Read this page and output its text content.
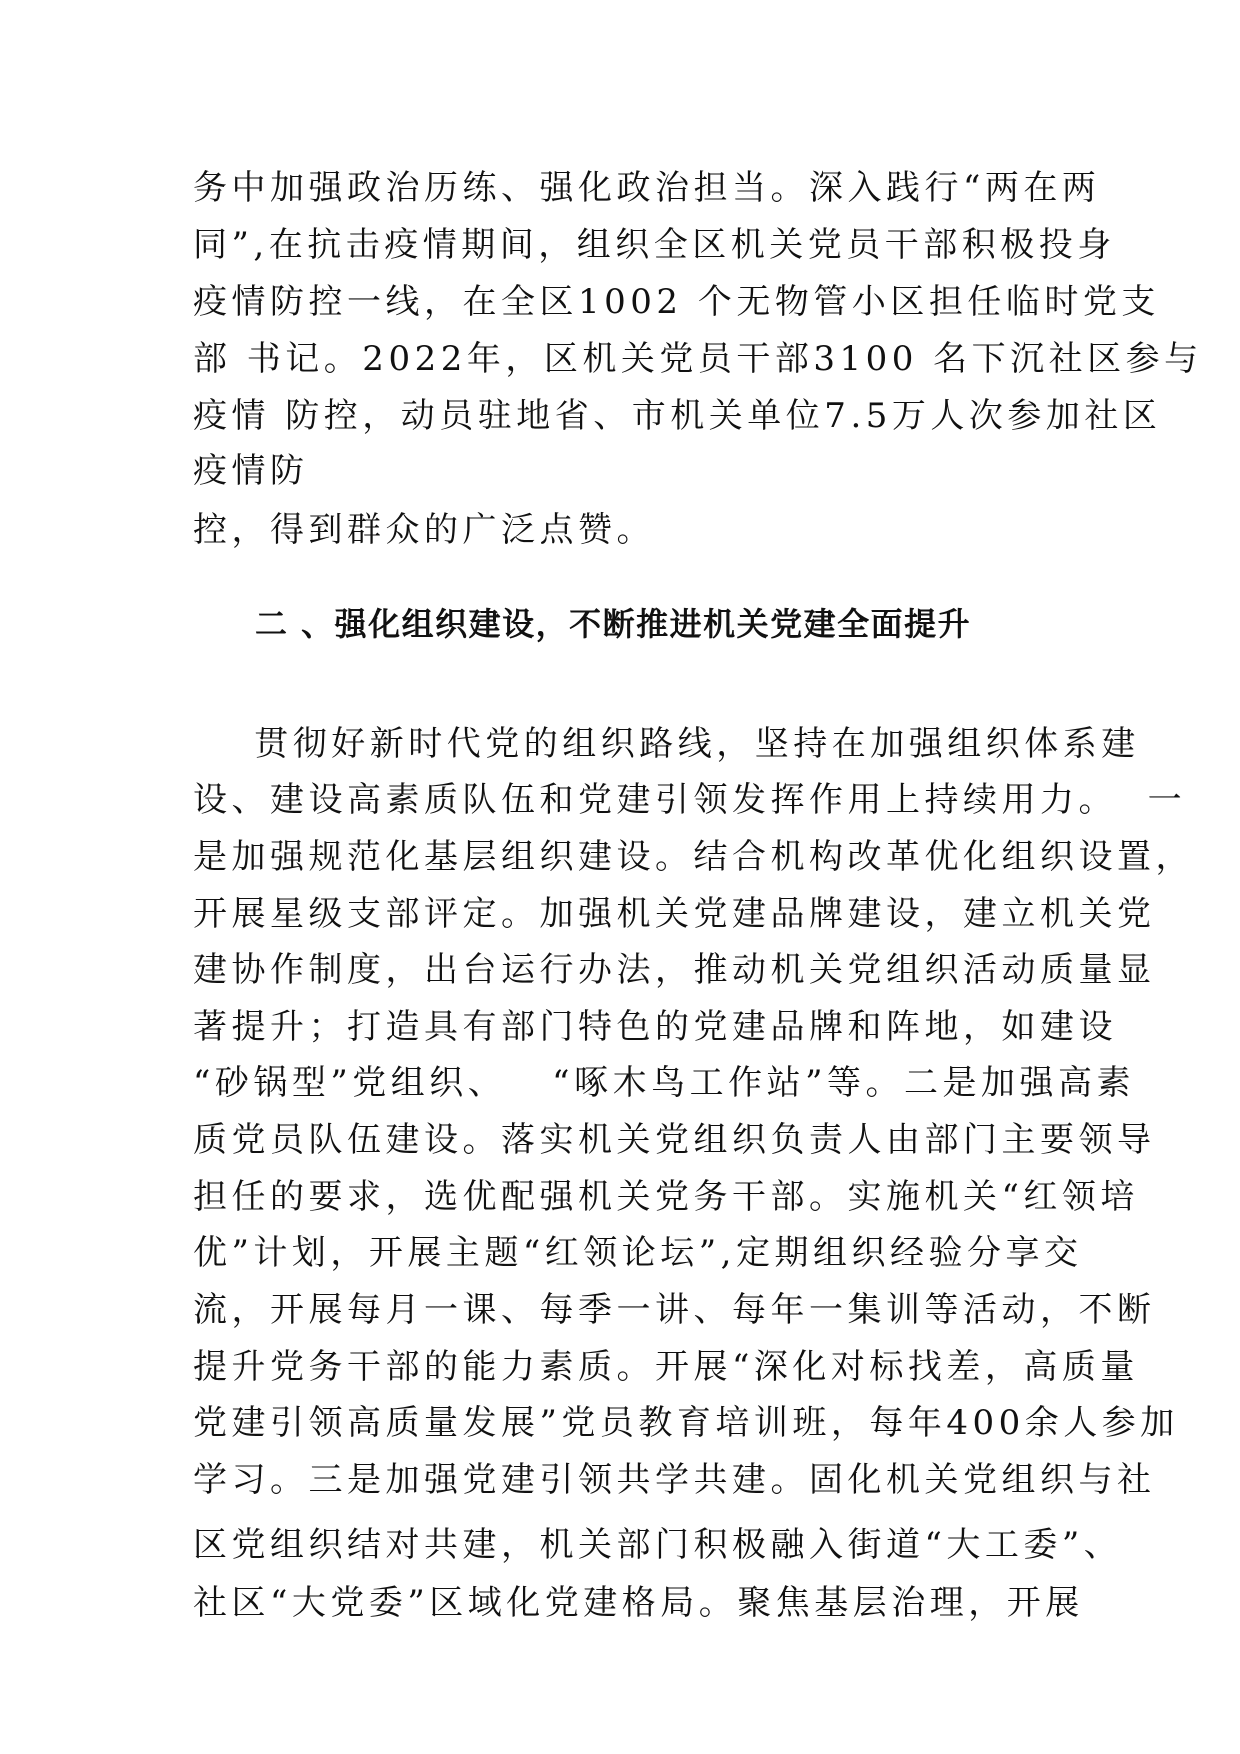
务中加强政治历练、强化政治担当。深入践行“两在两

同”,在抗击疫情期间，组织全区机关党员干部积极投身

疫情防控一线，在全区1002 个无物管小区担任临时党支

部 书记。2022年，区机关党员干部3100 名下沉社区参与

疫情 防控，动员驻地省、市机关单位7.5万人次参加社区

疫情防

控，得到群众的广泛点赞。

二 、强化组织建设，不断推进机关党建全面提升

贯彻好新时代党的组织路线，坚持在加强组织体系建

设、建设高素质队伍和党建引领发挥作用上持续用力。  一

是加强规范化基层组织建设。结合机构改革优化组织设置，

开展星级支部评定。加强机关党建品牌建设，建立机关党

建协作制度，出台运行办法，推动机关党组织活动质量显

著提升；打造具有部门特色的党建品牌和阵地，如建设

“砂锅型”党组织、   “啄木鸟工作站”等。二是加强高素

质党员队伍建设。落实机关党组织负责人由部门主要领导

担任的要求，选优配强机关党务干部。实施机关“红领培

优”计划，开展主题“红领论坛”,定期组织经验分享交

流，开展每月一课、每季一讲、每年一集训等活动，不断

提升党务干部的能力素质。开展“深化对标找差，高质量

党建引领高质量发展”党员教育培训班，每年400余人参加

学习。三是加强党建引领共学共建。固化机关党组织与社

区党组织结对共建，机关部门积极融入街道“大工委”、

社区“大党委”区域化党建格局。聚焦基层治理，开展
